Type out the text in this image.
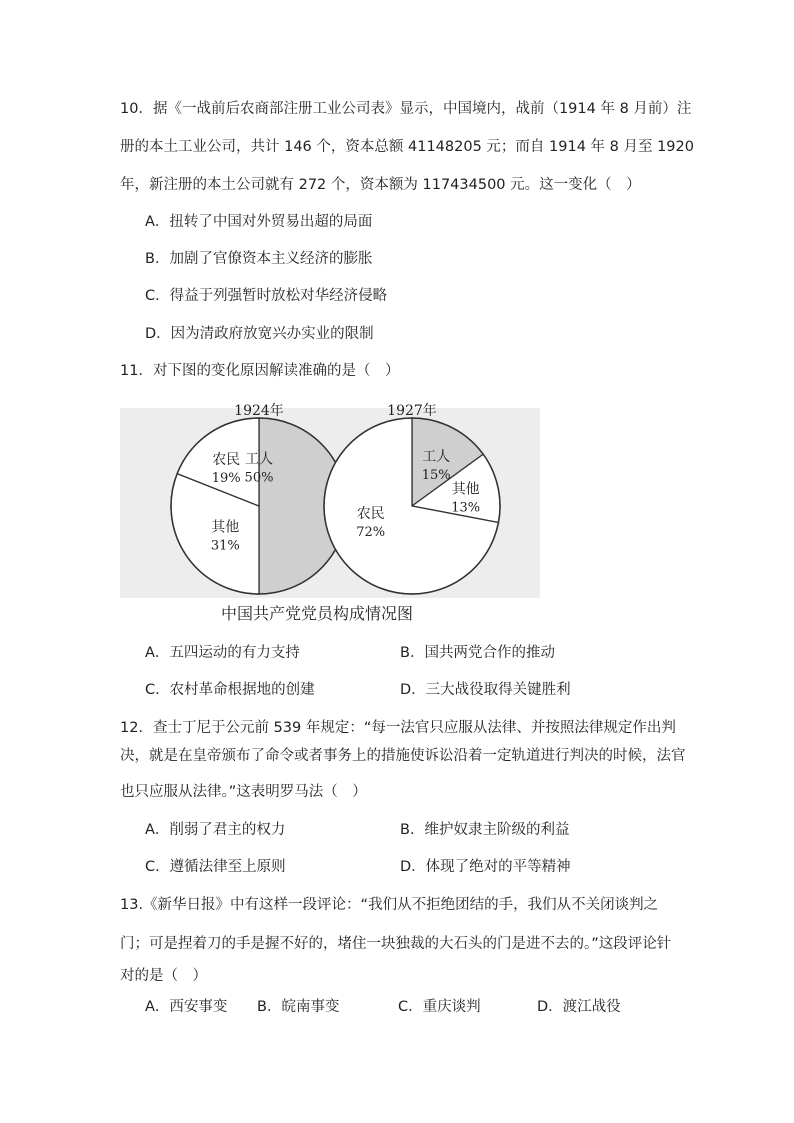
10．据《一战前后农商部注册工业公司表》显示，中国境内，战前（1914 年 8 月前）注
册的本土工业公司，共计 146 个，资本总额 41148205 元；而自 1914 年 8 月至 1920
年，新注册的本土公司就有 272 个，资本额为 117434500 元。这一变化（　）
A．扭转了中国对外贸易出超的局面
B．加剧了官僚资本主义经济的膨胀
C．得益于列强暂时放松对华经济侵略
D．因为清政府放宽兴办实业的限制
11．对下图的变化原因解读准确的是（　）
工人
50%
其他
31%
农民
19%
1924年
工人
15%
其他
13%
农民
72%
1927年
中国共产党党员构成情况图
A．五四运动的有力支持	B．国共两党合作的推动
C．农村革命根据地的创建	D．三大战役取得关键胜利
12．查士丁尼于公元前 539 年规定：“每一法官只应服从法律、并按照法律规定作出判
决，就是在皇帝颁布了命令或者事务上的措施使诉讼沿着一定轨道进行判决的时候，法官
也只应服从法律。”这表明罗马法（　）
A．削弱了君主的权力	B．维护奴隶主阶级的利益
C．遵循法律至上原则	D．体现了绝对的平等精神
13.《新华日报》中有这样一段评论：“我们从不拒绝团结的手，我们从不关闭谈判之
门；可是捏着刀的手是握不好的，堵住一块独裁的大石头的门是进不去的。”这段评论针
对的是（　）
A．西安事变 B．皖南事变	C．重庆谈判	D．渡江战役
